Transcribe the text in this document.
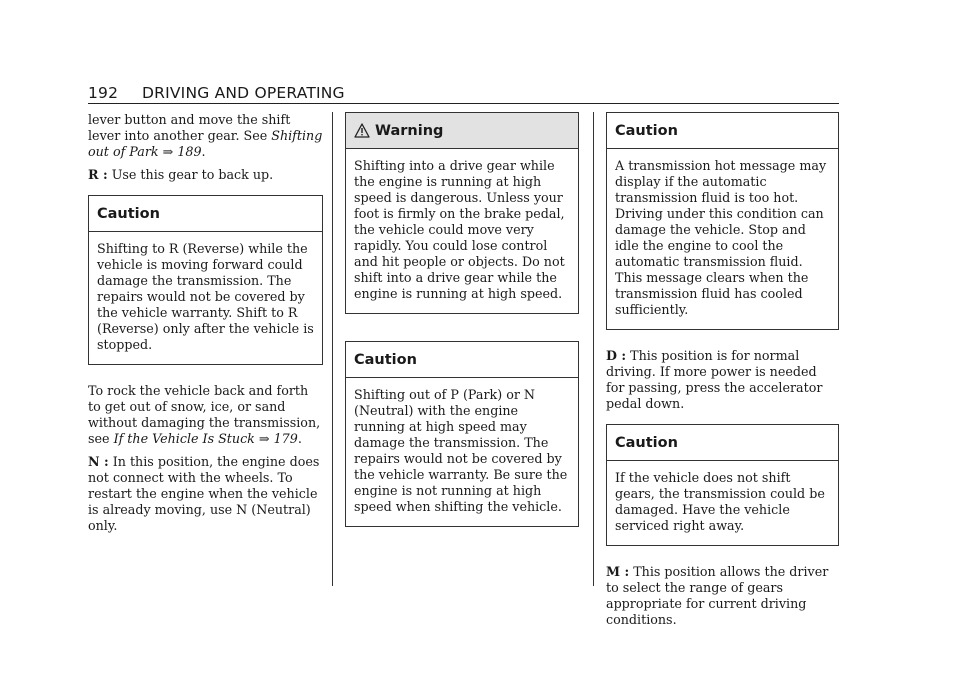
192 DRIVING AND OPERATING

lever button and move the shift lever into another gear. See Shifting out of Park ⇒ 189.

R : Use this gear to back up.

Caution
Shifting to R (Reverse) while the vehicle is moving forward could damage the transmission. The repairs would not be covered by the vehicle warranty. Shift to R (Reverse) only after the vehicle is stopped.

To rock the vehicle back and forth to get out of snow, ice, or sand without damaging the transmission, see If the Vehicle Is Stuck ⇒ 179.

N : In this position, the engine does not connect with the wheels. To restart the engine when the vehicle is already moving, use N (Neutral) only.

Warning
Shifting into a drive gear while the engine is running at high speed is dangerous. Unless your foot is firmly on the brake pedal, the vehicle could move very rapidly. You could lose control and hit people or objects. Do not shift into a drive gear while the engine is running at high speed.
Caution
Shifting out of P (Park) or N (Neutral) with the engine running at high speed may damage the transmission. The repairs would not be covered by the vehicle warranty. Be sure the engine is not running at high speed when shifting the vehicle.
Caution
A transmission hot message may display if the automatic transmission fluid is too hot. Driving under this condition can damage the vehicle. Stop and idle the engine to cool the automatic transmission fluid. This message clears when the transmission fluid has cooled sufficiently.

D : This position is for normal driving. If more power is needed for passing, press the accelerator pedal down.

Caution
If the vehicle does not shift gears, the transmission could be damaged. Have the vehicle serviced right away.

M : This position allows the driver to select the range of gears appropriate for current driving conditions.
